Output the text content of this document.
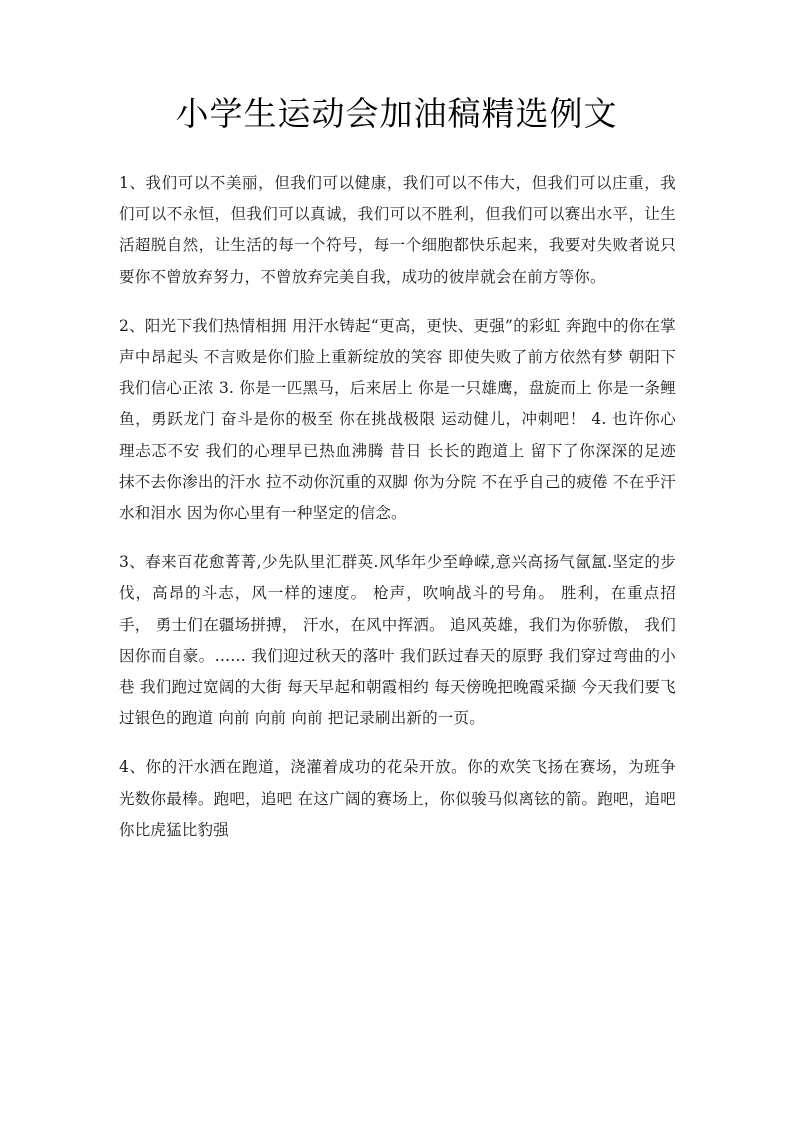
小学生运动会加油稿精选例文

1、我们可以不美丽，但我们可以健康，我们可以不伟大，但我们可以庄重，我们可以不永恒，但我们可以真诚，我们可以不胜利，但我们可以赛出水平，让生活超脱自然，让生活的每一个符号，每一个细胞都快乐起来，我要对失败者说只要你不曾放弃努力，不曾放弃完美自我，成功的彼岸就会在前方等你。

2、阳光下我们热情相拥 用汗水铸起“更高，更快、更强”的彩虹 奔跑中的你在掌声中昂起头 不言败是你们脸上重新绽放的笑容 即使失败了前方依然有梦 朝阳下我们信心正浓 3. 你是一匹黑马，后来居上 你是一只雄鹰，盘旋而上 你是一条鲤鱼，勇跃龙门 奋斗是你的极至 你在挑战极限 运动健儿，冲刺吧！ 4. 也许你心理忐忑不安 我们的心理早已热血沸腾 昔日 长长的跑道上 留下了你深深的足迹 抹不去你渗出的汗水 拉不动你沉重的双脚 你为分院 不在乎自己的疲倦 不在乎汗水和泪水 因为你心里有一种坚定的信念。

3、春来百花愈菁菁,少先队里汇群英.风华年少至峥嵘,意兴高扬气氤氲.坚定的步伐，高昂的斗志，风一样的速度。 枪声，吹响战斗的号角。 胜利，在重点招手， 勇士们在疆场拼搏， 汗水，在风中挥洒。 追风英雄，我们为你骄傲， 我们因你而自豪。…… 我们迎过秋天的落叶 我们跃过春天的原野 我们穿过弯曲的小巷 我们跑过宽阔的大街 每天早起和朝霞相约 每天傍晚把晚霞采撷 今天我们要飞过银色的跑道 向前 向前 向前 把记录刷出新的一页。

4、你的汗水洒在跑道，浇灌着成功的花朵开放。你的欢笑飞扬在赛场，为班争光数你最棒。跑吧，追吧 在这广阔的赛场上，你似骏马似离铉的箭。跑吧，追吧你比虎猛比豹强
